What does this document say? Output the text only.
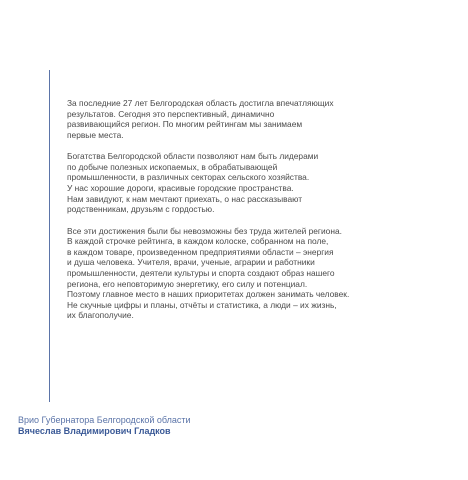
За последние 27 лет Белгородская область достигла впечатляющих
результатов. Сегодня это перспективный, динамично
развивающийся регион. По многим рейтингам мы занимаем
первые места.

Богатства Белгородской области позволяют нам быть лидерами
по добыче полезных ископаемых, в обрабатывающей
промышленности, в различных секторах сельского хозяйства.
У нас хорошие дороги, красивые городские пространства.
Нам завидуют, к нам мечтают приехать, о нас рассказывают
родственникам, друзьям с гордостью.

Все эти достижения были бы невозможны без труда жителей региона.
В каждой строчке рейтинга, в каждом колоске, собранном на поле,
в каждом товаре, произведенном предприятиями области – энергия
и душа человека. Учителя, врачи, ученые, аграрии и работники
промышленности, деятели культуры и спорта создают образ нашего
региона, его неповторимую энергетику, его силу и потенциал.
Поэтому главное место в наших приоритетах должен занимать человек.
Не скучные цифры и планы, отчёты и статистика, а люди – их жизнь,
их благополучие.

Врио Губернатора Белгородской области
Вячеслав Владимирович Гладков
